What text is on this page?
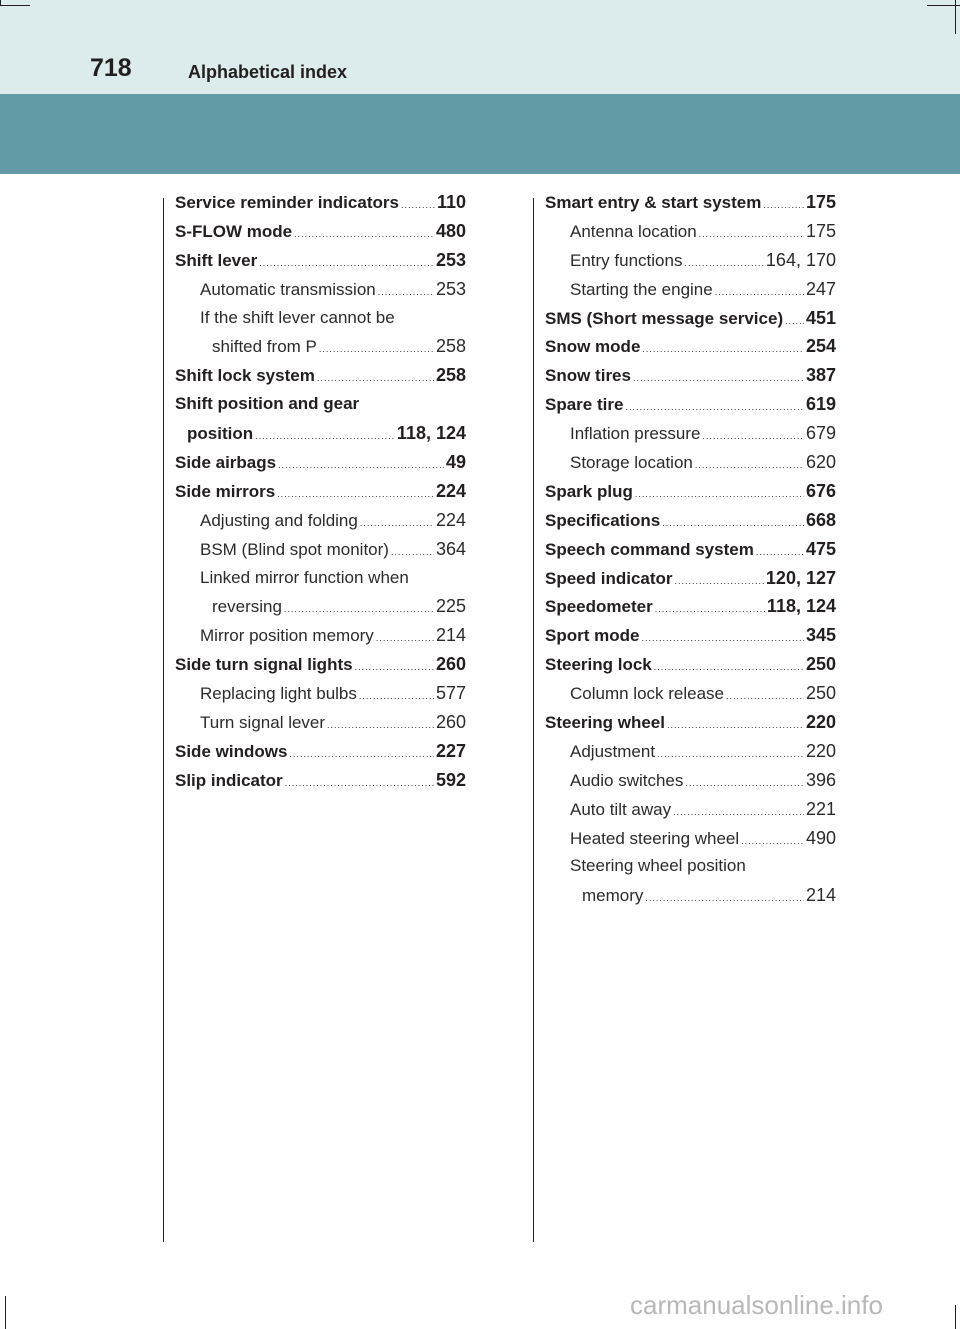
718	Alphabetical index
Service reminder indicators ..... 110
S-FLOW mode .....	480
Shift lever .....	253
Automatic transmission .....	253
If the shift lever cannot be
shifted from P .....	258
Shift lock system .....	258
Shift position and gear
position .....	118, 124
Side airbags .....	49
Side mirrors .....	224
Adjusting and folding .....	224
BSM (Blind spot monitor) .....	364
Linked mirror function when
reversing .....	225
Mirror position memory .....	214
Side turn signal lights .....	260
Replacing light bulbs .....	577
Turn signal lever .....	260
Side windows .....	227
Slip indicator .....	592
Smart entry & start system ..... 175
Antenna location .....	175
Entry functions .....	164, 170
Starting the engine .....	247
SMS (Short message service) ..... 451
Snow mode .....	254
Snow tires .....	387
Spare tire .....	619
Inflation pressure .....	679
Storage location .....	620
Spark plug .....	676
Specifications .....	668
Speech command system .....	475
Speed indicator .....	120, 127
Speedometer .....	118, 124
Sport mode .....	345
Steering lock .....	250
Column lock release .....	250
Steering wheel .....	220
Adjustment .....	220
Audio switches .....	396
Auto tilt away .....	221
Heated steering wheel .....	490
Steering wheel position
memory .....	214
carmanualsonline.info
